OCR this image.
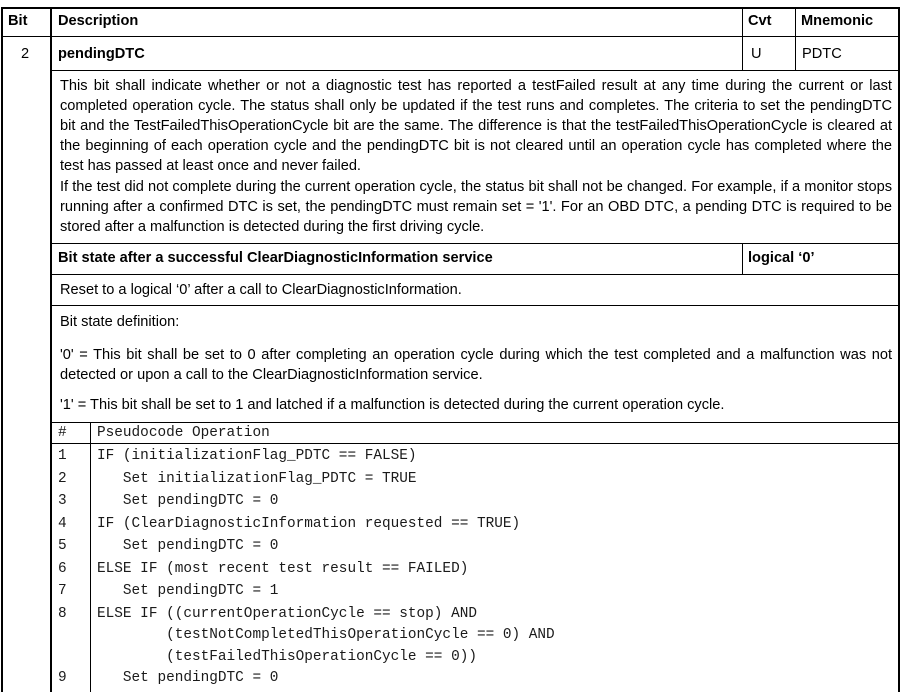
Bit Description	Cvt Mnemonic
2 pendingDTC	U	PDTC
This bit shall indicate whether or not a diagnostic test has reported a testFailed result at any time during the current or last completed operation cycle. The status shall only be updated if the test runs and completes. The criteria to set the pendingDTC bit and the TestFailedThisOperationCycle bit are the same. The difference is that the testFailedThisOperationCycle is cleared at the beginning of each operation cycle and the pendingDTC bit is not cleared until an operation cycle has completed where the test has passed at least once and never failed.
If the test did not complete during the current operation cycle, the status bit shall not be changed. For example, if a monitor stops running after a confirmed DTC is set, the pendingDTC must remain set = '1'. For an OBD DTC, a pending DTC is required to be stored after a malfunction is detected during the first driving cycle.
Bit state after a successful ClearDiagnosticInformation service	logical ‘0’
Reset to a logical ‘0’ after a call to ClearDiagnosticInformation.
Bit state definition:
'0' = This bit shall be set to 0 after completing an operation cycle during which the test completed and a malfunction was not detected or upon a call to the ClearDiagnosticInformation service.
'1' = This bit shall be set to 1 and latched if a malfunction is detected during the current operation cycle.
# Pseudocode Operation
1 IF (initializationFlag_PDTC == FALSE)
2 Set initializationFlag_PDTC = TRUE
3 Set pendingDTC = 0
4 IF (ClearDiagnosticInformation requested == TRUE)
5 Set pendingDTC = 0
6 ELSE IF (most recent test result == FAILED)
7 Set pendingDTC = 1
8 ELSE IF ((currentOperationCycle == stop) AND
(testNotCompletedThisOperationCycle == 0) AND
(testFailedThisOperationCycle == 0))
9 Set pendingDTC = 0
